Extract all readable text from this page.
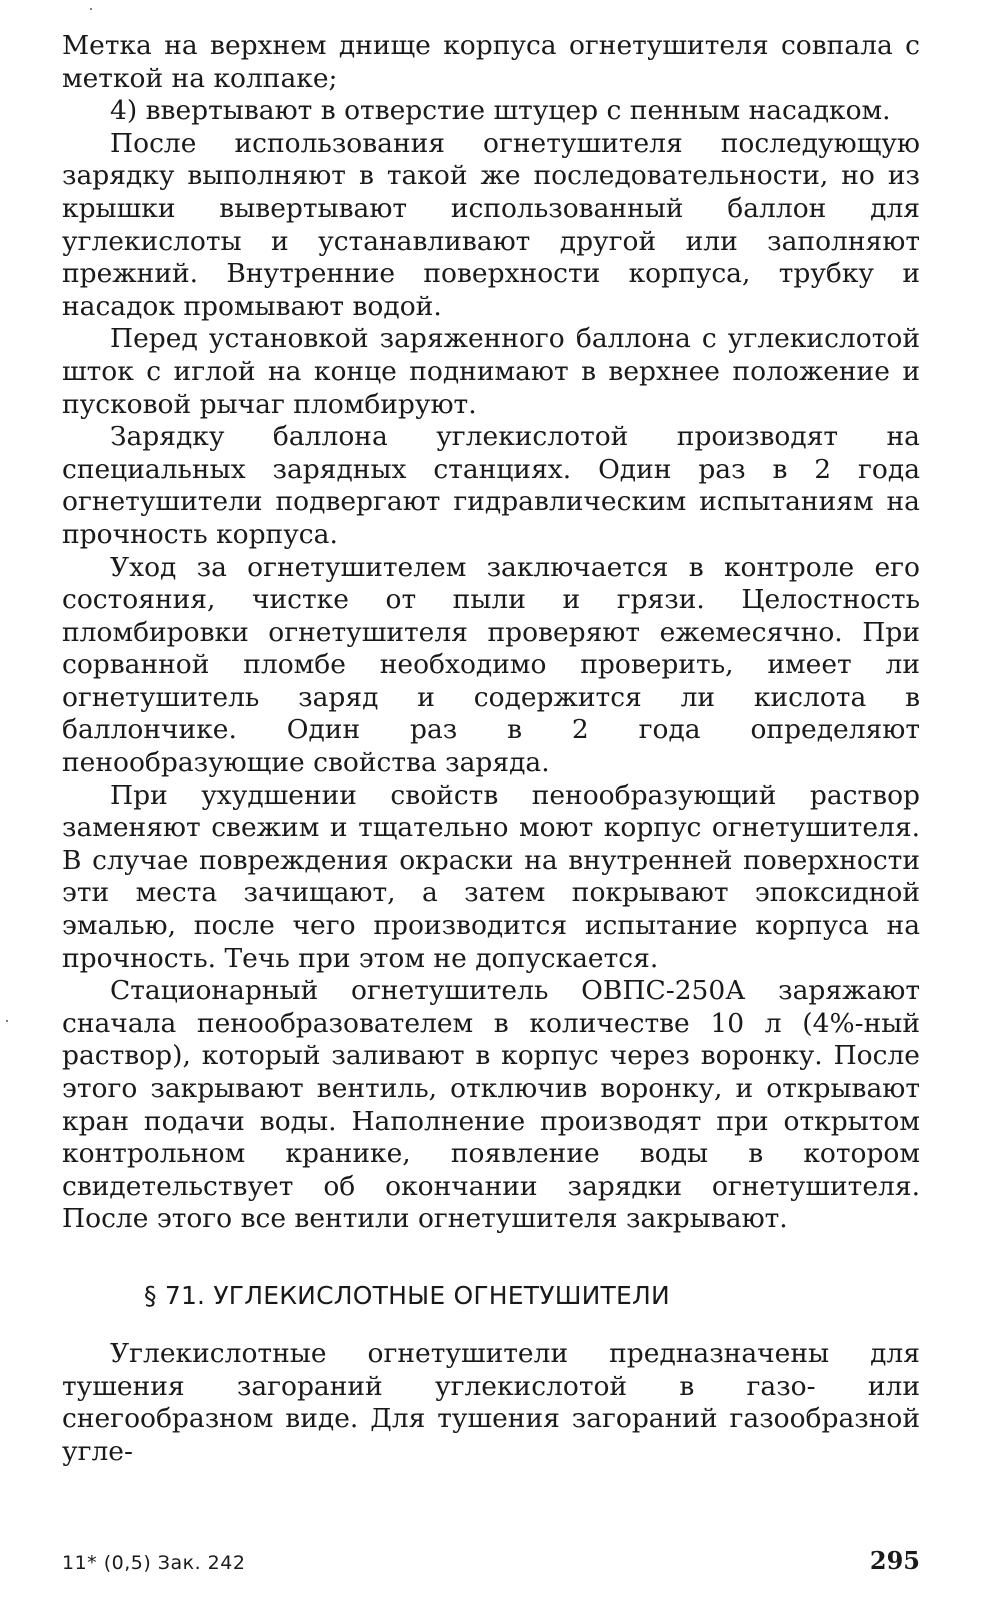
Метка на верхнем днище корпуса огнетушителя совпала с меткой на колпаке;

4) ввертывают в отверстие штуцер с пенным насадком.

После использования огнетушителя последующую зарядку выполняют в такой же последовательности, но из крышки вывертывают использованный баллон для углекислоты и устанавливают другой или заполняют прежний. Внутренние поверхности корпуса, трубку и насадок промывают водой.

Перед установкой заряженного баллона с углекислотой шток с иглой на конце поднимают в верхнее положение и пусковой рычаг пломбируют.

Зарядку баллона углекислотой производят на специальных зарядных станциях. Один раз в 2 года огнетушители подвергают гидравлическим испытаниям на прочность корпуса.

Уход за огнетушителем заключается в контроле его состояния, чистке от пыли и грязи. Целостность пломбировки огнетушителя проверяют ежемесячно. При сорванной пломбе необходимо проверить, имеет ли огнетушитель заряд и содержится ли кислота в баллончике. Один раз в 2 года определяют пенообразующие свойства заряда.

При ухудшении свойств пенообразующий раствор заменяют свежим и тщательно моют корпус огнетушителя. В случае повреждения окраски на внутренней поверхности эти места зачищают, а затем покрывают эпоксидной эмалью, после чего производится испытание корпуса на прочность. Течь при этом не допускается.

Стационарный огнетушитель ОВПС-250А заряжают сначала пенообразователем в количестве 10 л (4%-ный раствор), который заливают в корпус через воронку. После этого закрывают вентиль, отключив воронку, и открывают кран подачи воды. Наполнение производят при открытом контрольном кранике, появление воды в котором свидетельствует об окончании зарядки огнетушителя. После этого все вентили огнетушителя закрывают.

§ 71. УГЛЕКИСЛОТНЫЕ ОГНЕТУШИТЕЛИ

Углекислотные огнетушители предназначены для тушения загораний углекислотой в газо- или снегообразном виде. Для тушения загораний газообразной угле-

11* (0,5) Зак. 242	295
